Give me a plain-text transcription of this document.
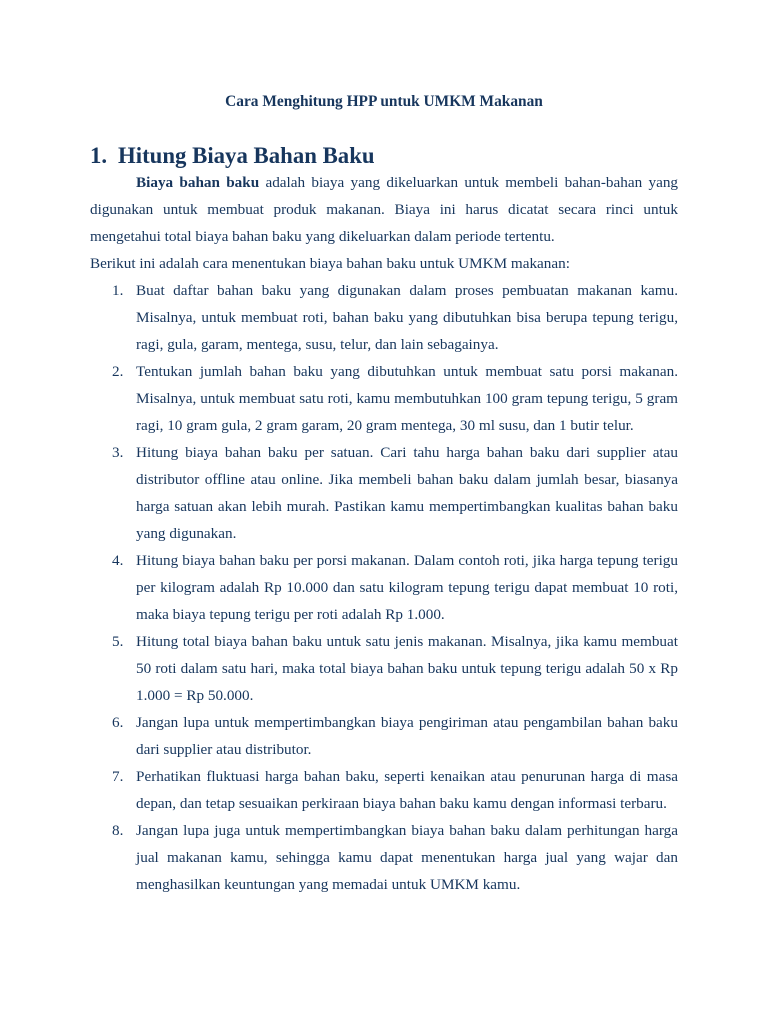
Cara Menghitung HPP untuk UMKM Makanan
1. Hitung Biaya Bahan Baku

Biaya bahan baku adalah biaya yang dikeluarkan untuk membeli bahan-bahan yang digunakan untuk membuat produk makanan. Biaya ini harus dicatat secara rinci untuk mengetahui total biaya bahan baku yang dikeluarkan dalam periode tertentu.

Berikut ini adalah cara menentukan biaya bahan baku untuk UMKM makanan:

1. Buat daftar bahan baku yang digunakan dalam proses pembuatan makanan kamu. Misalnya, untuk membuat roti, bahan baku yang dibutuhkan bisa berupa tepung terigu, ragi, gula, garam, mentega, susu, telur, dan lain sebagainya.
2. Tentukan jumlah bahan baku yang dibutuhkan untuk membuat satu porsi makanan. Misalnya, untuk membuat satu roti, kamu membutuhkan 100 gram tepung terigu, 5 gram ragi, 10 gram gula, 2 gram garam, 20 gram mentega, 30 ml susu, dan 1 butir telur.
3. Hitung biaya bahan baku per satuan. Cari tahu harga bahan baku dari supplier atau distributor offline atau online. Jika membeli bahan baku dalam jumlah besar, biasanya harga satuan akan lebih murah. Pastikan kamu mempertimbangkan kualitas bahan baku yang digunakan.
4. Hitung biaya bahan baku per porsi makanan. Dalam contoh roti, jika harga tepung terigu per kilogram adalah Rp 10.000 dan satu kilogram tepung terigu dapat membuat 10 roti, maka biaya tepung terigu per roti adalah Rp 1.000.
5. Hitung total biaya bahan baku untuk satu jenis makanan. Misalnya, jika kamu membuat 50 roti dalam satu hari, maka total biaya bahan baku untuk tepung terigu adalah 50 x Rp 1.000 = Rp 50.000.
6. Jangan lupa untuk mempertimbangkan biaya pengiriman atau pengambilan bahan baku dari supplier atau distributor.
7. Perhatikan fluktuasi harga bahan baku, seperti kenaikan atau penurunan harga di masa depan, dan tetap sesuaikan perkiraan biaya bahan baku kamu dengan informasi terbaru.
8. Jangan lupa juga untuk mempertimbangkan biaya bahan baku dalam perhitungan harga jual makanan kamu, sehingga kamu dapat menentukan harga jual yang wajar dan menghasilkan keuntungan yang memadai untuk UMKM kamu.
